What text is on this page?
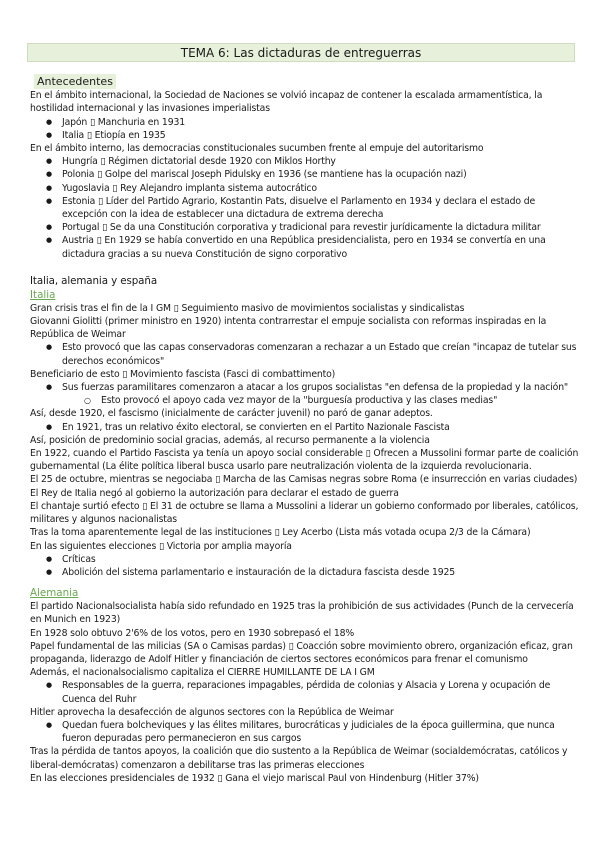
TEMA 6: Las dictaduras de entreguerras
Antecedentes

En el ámbito internacional, la Sociedad de Naciones se volvió incapaz de contener la escalada armamentística, la hostilidad internacional y las invasiones imperialistas

● Japón ▯ Manchuria en 1931
● Italia ▯ Etiopía en 1935

En el ámbito interno, las democracias constitucionales sucumben frente al empuje del autoritarismo

● Hungría ▯ Régimen dictatorial desde 1920 con Miklos Horthy
● Polonia ▯ Golpe del mariscal Joseph Pidulsky en 1936 (se mantiene has la ocupación nazi)
● Yugoslavia ▯ Rey Alejandro implanta sistema autocrático
● Estonia ▯ Líder del Partido Agrario, Kostantin Pats, disuelve el Parlamento en 1934 y declara el estado de excepción con la idea de establecer una dictadura de extrema derecha
● Portugal ▯ Se da una Constitución corporativa y tradicional para revestir jurídicamente la dictadura militar
● Austria ▯ En 1929 se había convertido en una República presidencialista, pero en 1934 se convertía en una dictadura gracias a su nueva Constitución de signo corporativo

Italia, alemania y españa

Italia

Gran crisis tras el fin de la I GM ▯ Seguimiento masivo de movimientos socialistas y sindicalistas

Giovanni Giolitti (primer ministro en 1920) intenta contrarrestar el empuje socialista con reformas inspiradas en la República de Weimar

● Esto provocó que las capas conservadoras comenzaran a rechazar a un Estado que creían "incapaz de tutelar sus derechos económicos"

Beneficiario de esto ▯ Movimiento fascista (Fasci di combattimento)

● Sus fuerzas paramilitares comenzaron a atacar a los grupos socialistas "en defensa de la propiedad y la nación"
○ Esto provocó el apoyo cada vez mayor de la "burguesía productiva y las clases medias"

Así, desde 1920, el fascismo (inicialmente de carácter juvenil) no paró de ganar adeptos.

● En 1921, tras un relativo éxito electoral, se convierten en el Partito Nazionale Fascista

Así, posición de predominio social gracias, además, al recurso permanente a la violencia

En 1922, cuando el Partido Fascista ya tenía un apoyo social considerable ▯ Ofrecen a Mussolini formar parte de coalición gubernamental (La élite política liberal busca usarlo pare neutralización violenta de la izquierda revolucionaria.

El 25 de octubre, mientras se negociaba ▯ Marcha de las Camisas negras sobre Roma (e insurrección en varias ciudades)

El Rey de Italia negó al gobierno la autorización para declarar el estado de guerra

El chantaje surtió efecto ▯ El 31 de octubre se llama a Mussolini a liderar un gobierno conformado por liberales, católicos, militares y algunos nacionalistas

Tras la toma aparentemente legal de las instituciones ▯ Ley Acerbo (Lista más votada ocupa 2/3 de la Cámara)

En las siguientes elecciones ▯ Victoria por amplia mayoría

● Críticas
● Abolición del sistema parlamentario e instauración de la dictadura fascista desde 1925

Alemania

El partido Nacionalsocialista había sido refundado en 1925 tras la prohibición de sus actividades (Punch de la cervecería en Munich en 1923)

En 1928 solo obtuvo 2'6% de los votos, pero en 1930 sobrepasó el 18%

Papel fundamental de las milicias (SA o Camisas pardas) ▯ Coacción sobre movimiento obrero, organización eficaz, gran propaganda, liderazgo de Adolf Hitler y financiación de ciertos sectores económicos para frenar el comunismo

Además, el nacionalsocialismo capitaliza el CIERRE HUMILLANTE DE LA I GM

● Responsables de la guerra, reparaciones impagables, pérdida de colonias y Alsacia y Lorena y ocupación de Cuenca del Ruhr

Hitler aprovecha la desafección de algunos sectores con la República de Weimar

● Quedan fuera bolcheviques y las élites militares, burocráticas y judiciales de la época guillermina, que nunca fueron depuradas pero permanecieron en sus cargos

Tras la pérdida de tantos apoyos, la coalición que dio sustento a la República de Weimar (socialdemócratas, católicos y liberal-demócratas) comenzaron a debilitarse tras las primeras elecciones

En las elecciones presidenciales de 1932 ▯ Gana el viejo mariscal Paul von Hindenburg (Hitler 37%)
